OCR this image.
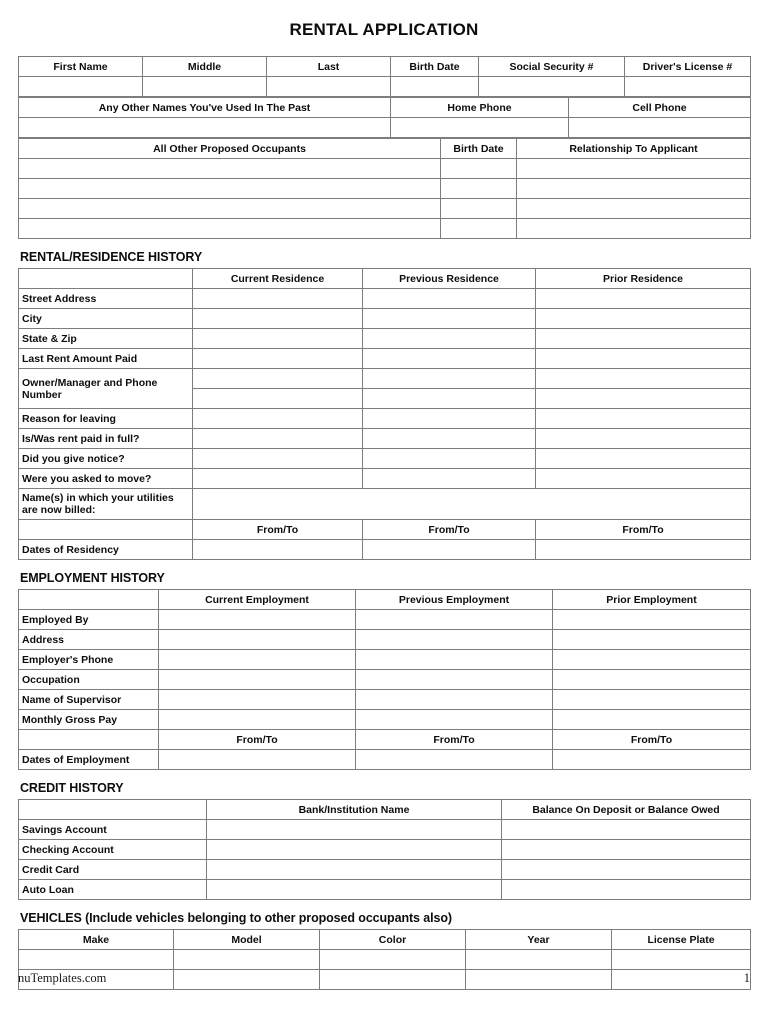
RENTAL APPLICATION
First Name	Middle	Last	Birth Date	Social Security #	Driver's License #

Any Other Names You've Used In The Past	Home Phone	Cell Phone

All Other Proposed Occupants	Birth Date	Relationship To Applicant

RENTAL/RESIDENCE HISTORY
	Current Residence	Previous Residence	Prior Residence
Street Address			
City			
State & Zip			
Last Rent Amount Paid			
Owner/Manager and Phone Number			

Reason for leaving			
Is/Was rent paid in full?			
Did you give notice?			
Were you asked to move?			
Name(s) in which your utilities are now billed:			
	From/To	From/To	From/To
Dates of Residency			
EMPLOYMENT HISTORY
	Current Employment	Previous Employment	Prior Employment
Employed By			
Address			
Employer's Phone			
Occupation			
Name of Supervisor			
Monthly Gross Pay			
	From/To	From/To	From/To
Dates of Employment			
CREDIT HISTORY
	Bank/Institution Name	Balance On Deposit or Balance Owed
Savings Account		
Checking Account		
Credit Card		
Auto Loan		
VEHICLES (Include vehicles belonging to other proposed occupants also)
Make	Model	Color	Year	License Plate

nuTemplates.com	1
